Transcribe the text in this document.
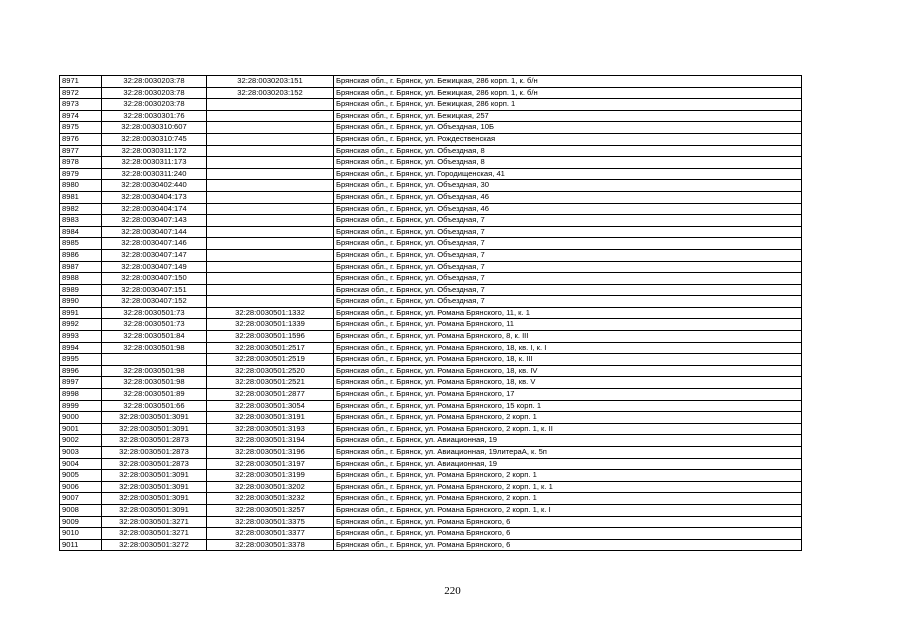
8971	32:28:0030203:78	32:28:0030203:151	Брянская обл., г. Брянск, ул. Бежицкая, 286 корп. 1, к. б/н
8972	32:28:0030203:78	32:28:0030203:152	Брянская обл., г. Брянск, ул. Бежицкая, 286 корп. 1, к. б/н
8973	32:28:0030203:78		Брянская обл., г. Брянск, ул. Бежицкая, 286 корп. 1
8974	32:28:0030301:76		Брянская обл., г. Брянск, ул. Бежицкая, 257
8975	32:28:0030310:607		Брянская обл., г. Брянск, ул. Объездная, 10Б
8976	32:28:0030310:745		Брянская обл., г. Брянск, ул. Рождественская
8977	32:28:0030311:172		Брянская обл., г. Брянск, ул. Объездная, 8
8978	32:28:0030311:173		Брянская обл., г. Брянск, ул. Объездная, 8
8979	32:28:0030311:240		Брянская обл., г. Брянск, ул. Городищенская, 41
8980	32:28:0030402:440		Брянская обл., г. Брянск, ул. Объездная, 30
8981	32:28:0030404:173		Брянская обл., г. Брянск, ул. Объездная, 46
8982	32:28:0030404:174		Брянская обл., г. Брянск, ул. Объездная, 46
8983	32:28:0030407:143		Брянская обл., г. Брянск, ул. Объездная, 7
8984	32:28:0030407:144		Брянская обл., г. Брянск, ул. Объездная, 7
8985	32:28:0030407:146		Брянская обл., г. Брянск, ул. Объездная, 7
8986	32:28:0030407:147		Брянская обл., г. Брянск, ул. Объездная, 7
8987	32:28:0030407:149		Брянская обл., г. Брянск, ул. Объездная, 7
8988	32:28:0030407:150		Брянская обл., г. Брянск, ул. Объездная, 7
8989	32:28:0030407:151		Брянская обл., г. Брянск, ул. Объездная, 7
8990	32:28:0030407:152		Брянская обл., г. Брянск, ул. Объездная, 7
8991	32:28:0030501:73	32:28:0030501:1332	Брянская обл., г. Брянск, ул. Романа Брянского, 11, к. 1
8992	32:28:0030501:73	32:28:0030501:1339	Брянская обл., г. Брянск, ул. Романа Брянского, 11
8993	32:28:0030501:84	32:28:0030501:1596	Брянская обл., г. Брянск, ул. Романа Брянского, 8, к. III
8994	32:28:0030501:98	32:28:0030501:2517	Брянская обл., г. Брянск, ул. Романа Брянского, 18, кв. I, к. I
8995		32:28:0030501:2519	Брянская обл., г. Брянск, ул. Романа Брянского, 18, к. III
8996	32:28:0030501:98	32:28:0030501:2520	Брянская обл., г. Брянск, ул. Романа Брянского, 18, кв. IV
8997	32:28:0030501:98	32:28:0030501:2521	Брянская обл., г. Брянск, ул. Романа Брянского, 18, кв. V
8998	32:28:0030501:89	32:28:0030501:2877	Брянская обл., г. Брянск, ул. Романа Брянского, 17
8999	32:28:0030501:66	32:28:0030501:3054	Брянская обл., г. Брянск, ул. Романа Брянского, 15 корп. 1
9000	32:28:0030501:3091	32:28:0030501:3191	Брянская обл., г. Брянск, ул. Романа Брянского, 2 корп. 1
9001	32:28:0030501:3091	32:28:0030501:3193	Брянская обл., г. Брянск, ул. Романа Брянского, 2 корп. 1, к. II
9002	32:28:0030501:2873	32:28:0030501:3194	Брянская обл., г. Брянск, ул. Авиационная, 19
9003	32:28:0030501:2873	32:28:0030501:3196	Брянская обл., г. Брянск, ул. Авиационная, 19литераА, к. 5п
9004	32:28:0030501:2873	32:28:0030501:3197	Брянская обл., г. Брянск, ул. Авиационная, 19
9005	32:28:0030501:3091	32:28:0030501:3199	Брянская обл., г. Брянск, ул. Романа Брянского, 2 корп. 1
9006	32:28:0030501:3091	32:28:0030501:3202	Брянская обл., г. Брянск, ул. Романа Брянского, 2 корп. 1, к. 1
9007	32:28:0030501:3091	32:28:0030501:3232	Брянская обл., г. Брянск, ул. Романа Брянского, 2 корп. 1
9008	32:28:0030501:3091	32:28:0030501:3257	Брянская обл., г. Брянск, ул. Романа Брянского, 2 корп. 1, к. I
9009	32:28:0030501:3271	32:28:0030501:3375	Брянская обл., г. Брянск, ул. Романа Брянского, 6
9010	32:28:0030501:3271	32:28:0030501:3377	Брянская обл., г. Брянск, ул. Романа Брянского, 6
9011	32:28:0030501:3272	32:28:0030501:3378	Брянская обл., г. Брянск, ул. Романа Брянского, 6
220
